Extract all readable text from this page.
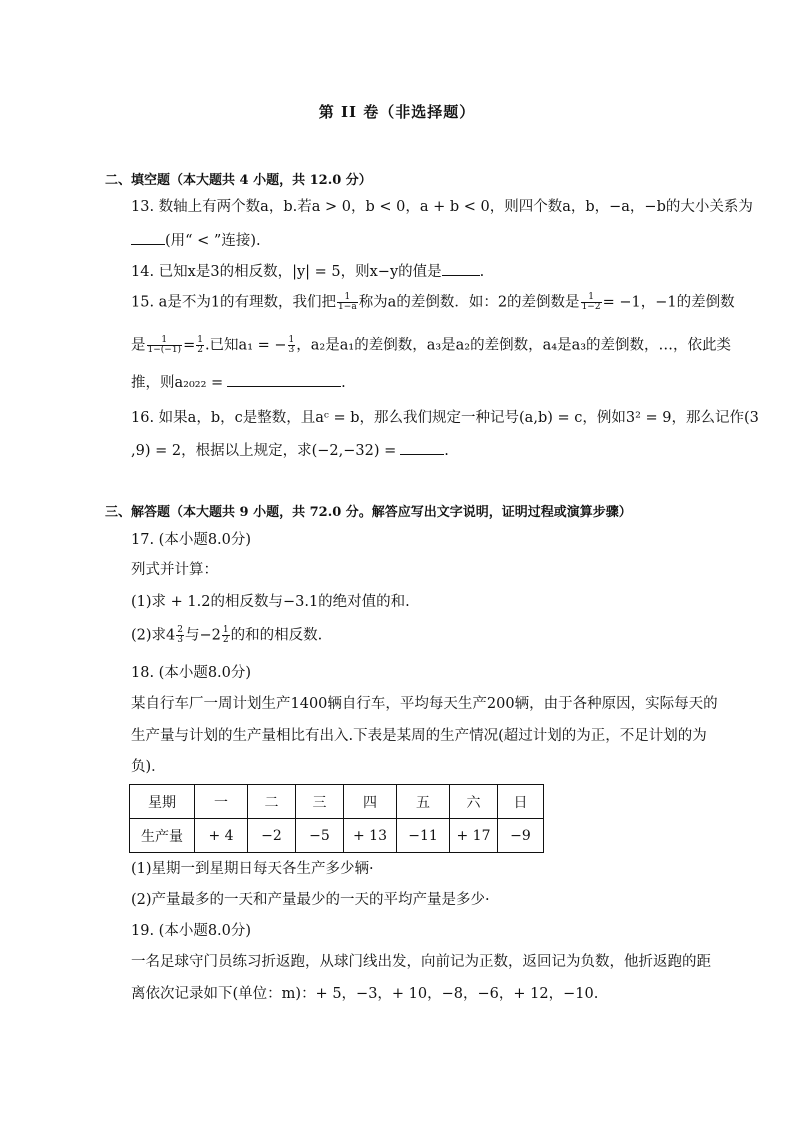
第 II 卷（非选择题）
二、填空题（本大题共 4 小题，共 12.0 分）
13. 数轴上有两个数a，b.若a > 0，b < 0，a + b < 0，则四个数a，b，−a，−b的大小关系为
(用“ < ”连接).
14. 已知x是3的相反数，|y| = 5，则x−y的值是	.
15. a是不为1的有理数，我们把 $\frac{1}{1-a}$ 称为a的差倒数．如：2的差倒数是 $\frac{1}{1-2} = -1$，−1的差倒数
是 $\frac{1}{1-(-1)} = \frac{1}{2}$ .已知a₁ = − $\frac{1}{3}$ ，a₂是a₁的差倒数，a₃是a₂的差倒数，a₄是a₃的差倒数，…，依此类
推，则a₂₀₂₂ =	.
16. 如果a，b，c是整数，且aᶜ = b，那么我们规定一种记号(a,b) = c，例如3² = 9，那么记作(3
,9) = 2，根据以上规定，求(−2,−32) =	.
三、解答题（本大题共 9 小题，共 72.0 分。解答应写出文字说明，证明过程或演算步骤）
17. (本小题8.0分)
列式并计算：
(1)求 + 1.2的相反数与−3.1的绝对值的和.
(2)求$4 \frac{2}{3}$ 与$-2 \frac{1}{2}$ 的和的相反数.
18. (本小题8.0分)
某自行车厂一周计划生产1400辆自行车，平均每天生产200辆，由于各种原因，实际每天的
生产量与计划的生产量相比有出入.下表是某周的生产情况(超过计划的为正，不足计划的为
负)．
星期	一	二	三	四	五	六	日
生产量	+ 4	−2	−5	+ 13	−11	+ 17	−9
(1)星期一到星期日每天各生产多少辆·
(2)产量最多的一天和产量最少的一天的平均产量是多少·
19. (本小题8.0分)
一名足球守门员练习折返跑，从球门线出发，向前记为正数，返回记为负数，他折返跑的距
离依次记录如下(单位：m)：+ 5，−3，+ 10，−8，−6，+ 12，−10.
